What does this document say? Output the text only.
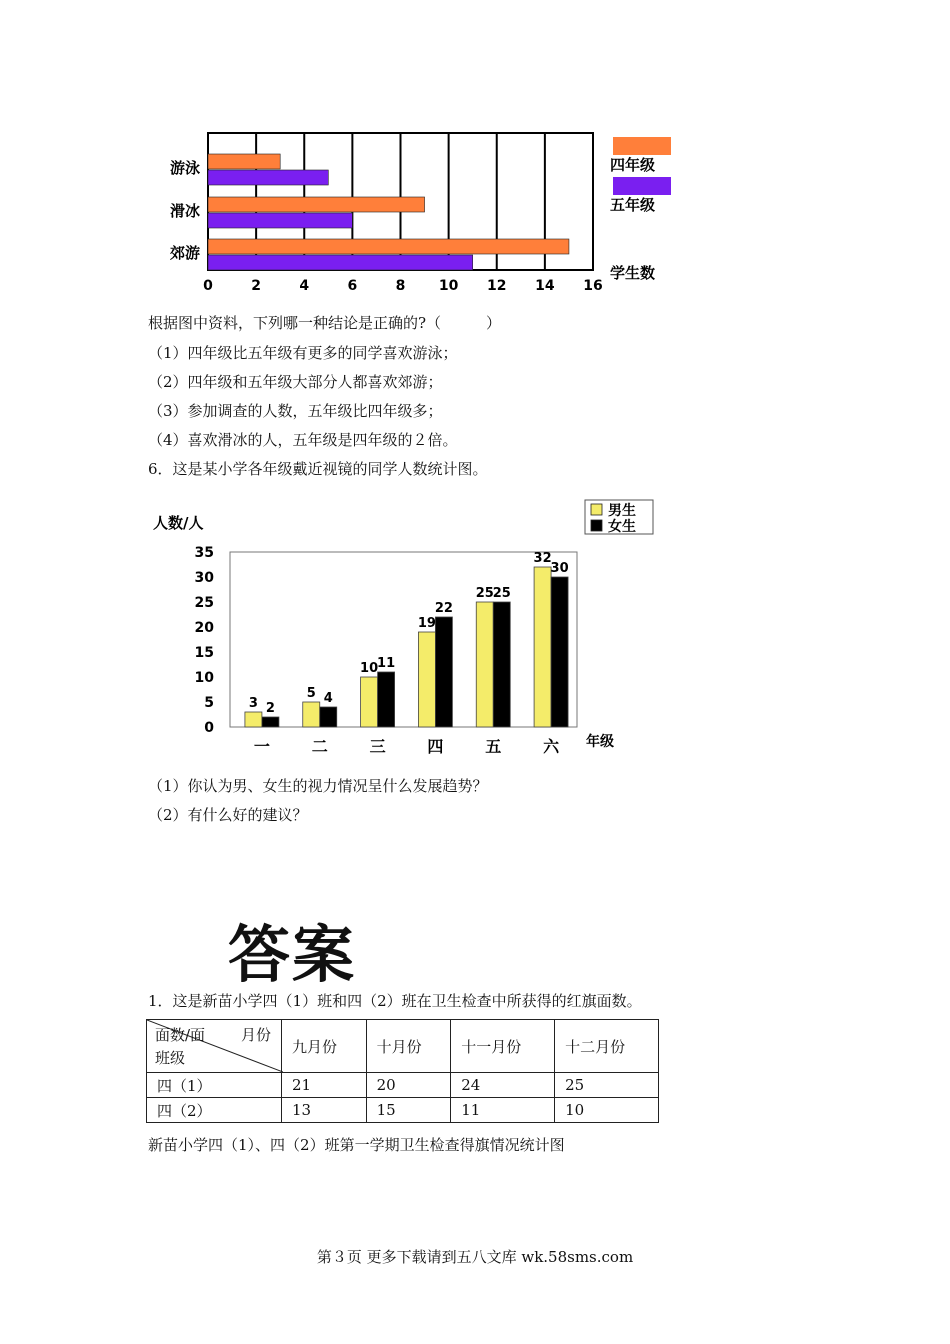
0	2	4	6	8 10 12 14 16
游泳
滑冰
郊游
学生数
四年级
五年级
根据图中资料，下列哪一种结论是正确的?（　　　）
（1）四年级比五年级有更多的同学喜欢游泳；
（2）四年级和五年级大部分人都喜欢郊游；
（3）参加调查的人数，五年级比四年级多；
（4）喜欢滑冰的人，五年级是四年级的２倍。
6．这是某小学各年级戴近视镜的同学人数统计图。
35
30
25
20
15
10
5
0
人数/人
年级
一
3 2
二
5 4
三
10
11
四
19
22
五
25
25
六
32
30
男生
女生
（1）你认为男、女生的视力情况呈什么发展趋势？
（2）有什么好的建议？
答案
1．这是新苗小学四（1）班和四（2）班在卫生检查中所获得的红旗面数。
面数/面 月份
班级	九月份	十月份	十一月份	十二月份
四（1）	21	20	24	25
四（2）	13	15	11	10
新苗小学四（1）、四（2）班第一学期卫生检查得旗情况统计图
第３页 更多下载请到五八文库 wk.58sms.com
